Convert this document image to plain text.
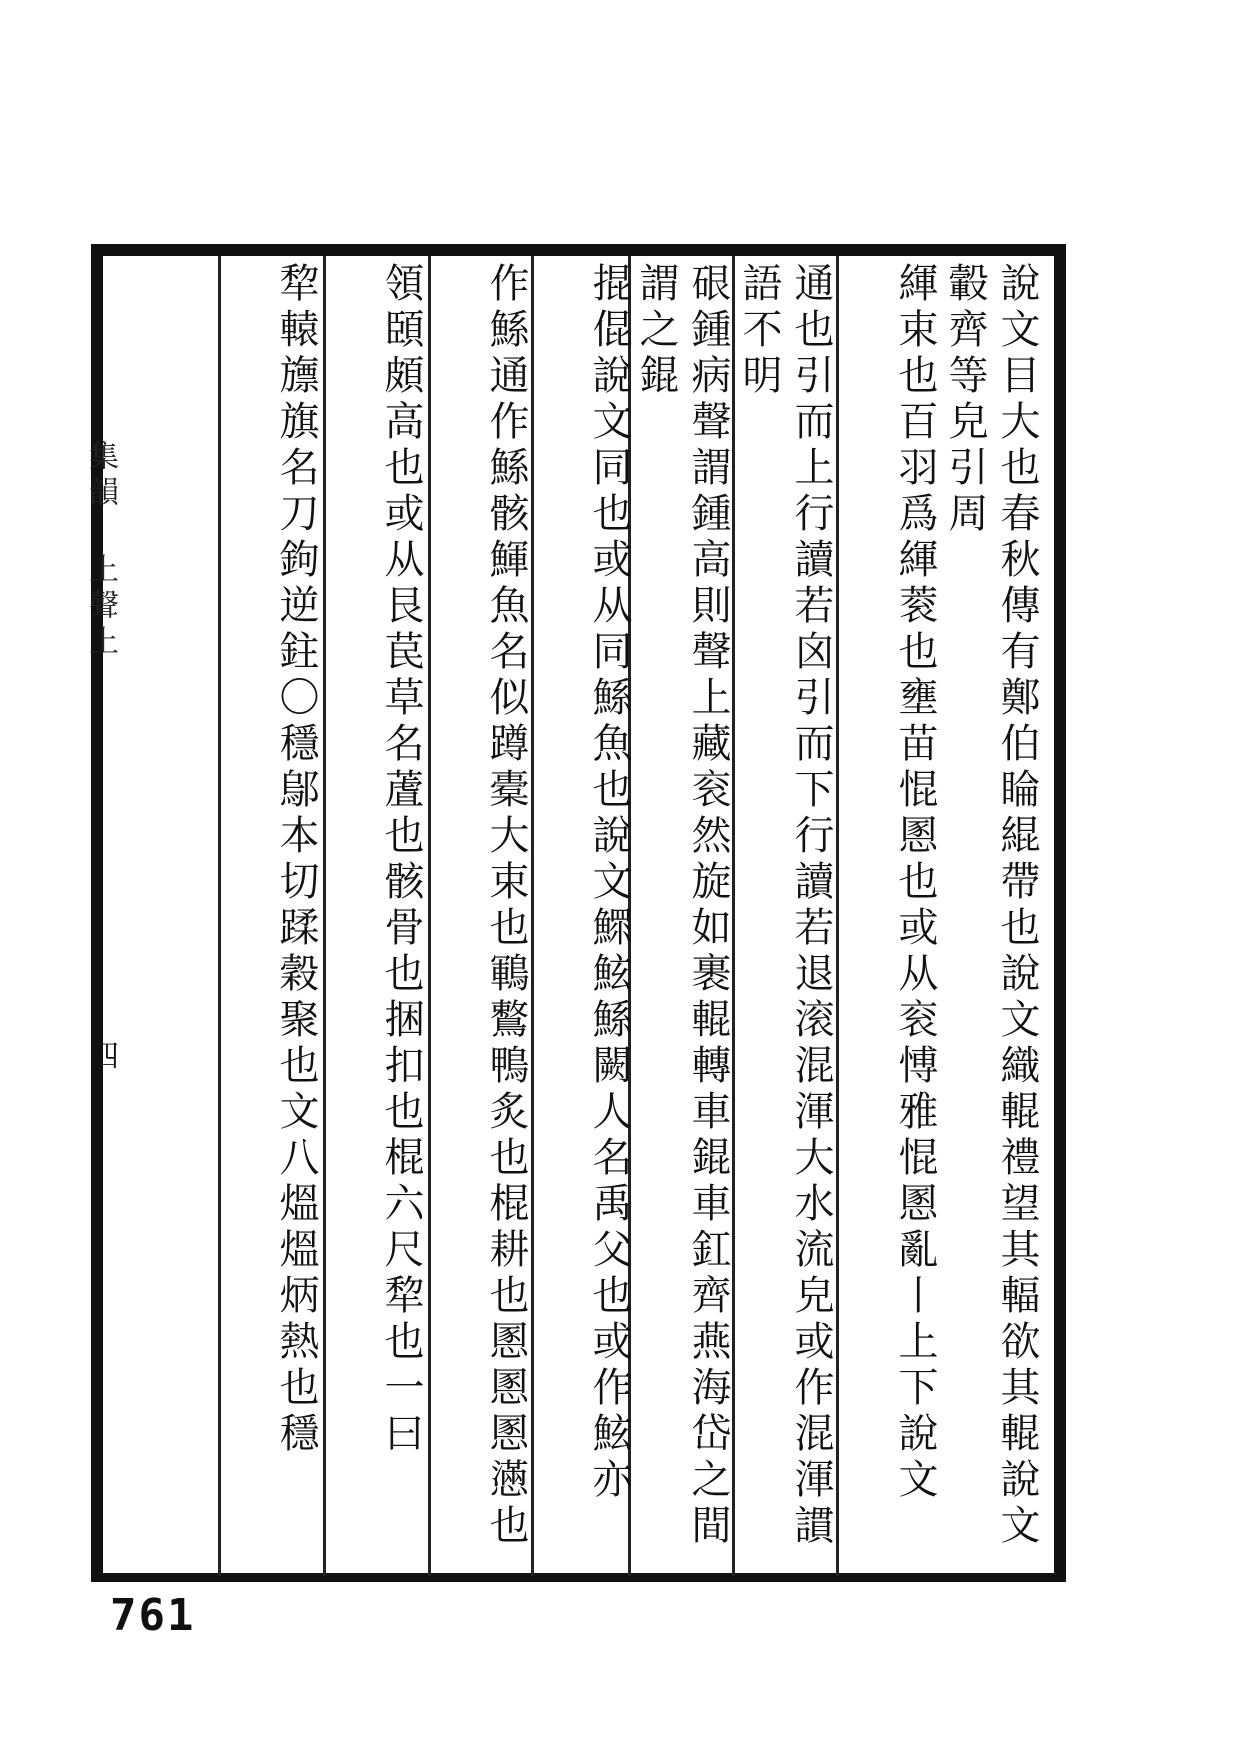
集韻 上聲上
四	說文目大也春秋傳有鄭伯睔緄帶也說文織輥禮望其輻欲其輥說文轂齊等皃引周
緷束也百羽爲緷蓘也壅苗惃慁也或从衮愽雅惃慁亂丨上下說文
通也引而上行讀若囟引而下行讀若退滚混渾大水流皃或作混渾謴語不明
硍鍾病聲謂鍾高則聲上藏衮然旋如裹輥轉車錕車釭齊燕海岱之間謂之錕
掍倱說文同也或从同鯀魚也說文鰥鮌鯀闕人名禹父也或作鮌亦
作鯀通作鯀骸鯶魚名似蹲橐大束也鶤鷘鴨炙也棍耕也慁慁慁懣也
領頣頗高也或从艮苠草名蔖也骸骨也捆扣也棍六尺犂也一曰
犂轅旚旗名刀鉤逆鉒〇穩鄔本切蹂穀聚也文八熅熅炳熱也穩
761
